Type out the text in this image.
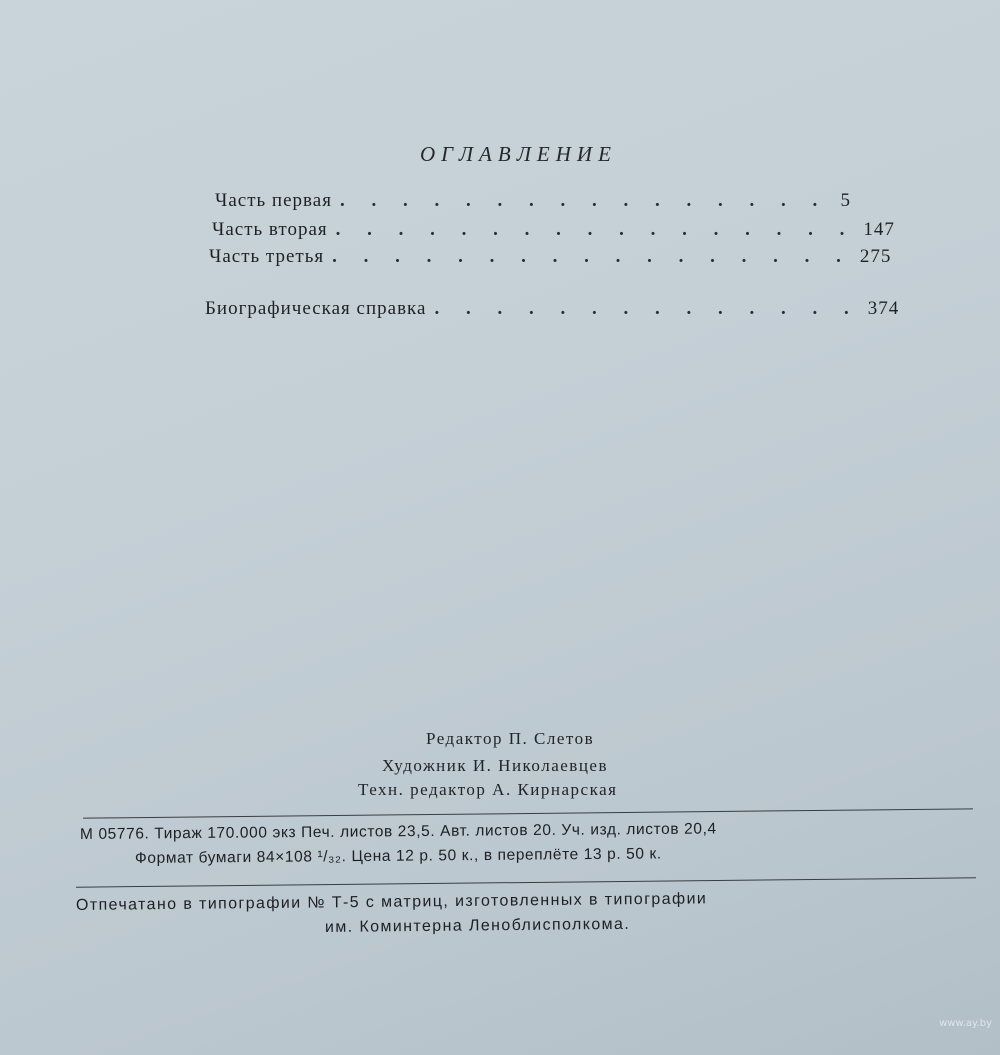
ОГЛАВЛЕНИЕ
Часть первая . . . . . . . . . . . . . . . . 5
Часть вторая . . . . . . . . . . . . . . . . . 147
Часть третья . . . . . . . . . . . . . . . . . 275
Биографическая справка . . . . . . . . . . . . . . 374
Редактор П. Слетов
Художник И. Николаевцев
Техн. редактор А. Кирнарская
М 05776. Тираж 170.000 экз Печ. листов 23,5. Авт. листов 20. Уч. изд. листов 20,4
Формат бумаги 84×108 ¹/₃₂. Цена 12 р. 50 к., в переплёте 13 р. 50 к.
Отпечатано в типографии № Т-5 с матриц, изготовленных в типографии
им. Коминтерна Леноблисполкома.
www.ay.by
